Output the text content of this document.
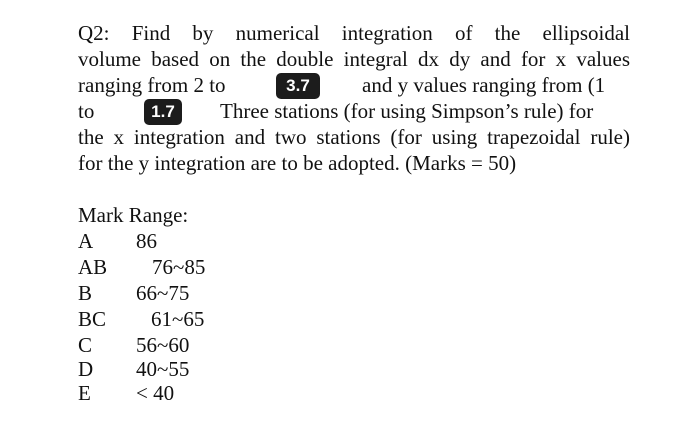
Q2: Find by numerical integration of the ellipsoidal
volume based on the double integral dx dy and for x values
ranging from 2 to	3.7	and y values ranging from (1
to	1.7	Three stations (for using Simpson’s rule) for
the x integration and two stations (for using trapezoidal rule)
for the y integration are to be adopted. (Marks = 50)
Mark Range:
A 86
AB 76~85
B 66~75
BC 61~65
C 56~60
D 40~55
E < 40
